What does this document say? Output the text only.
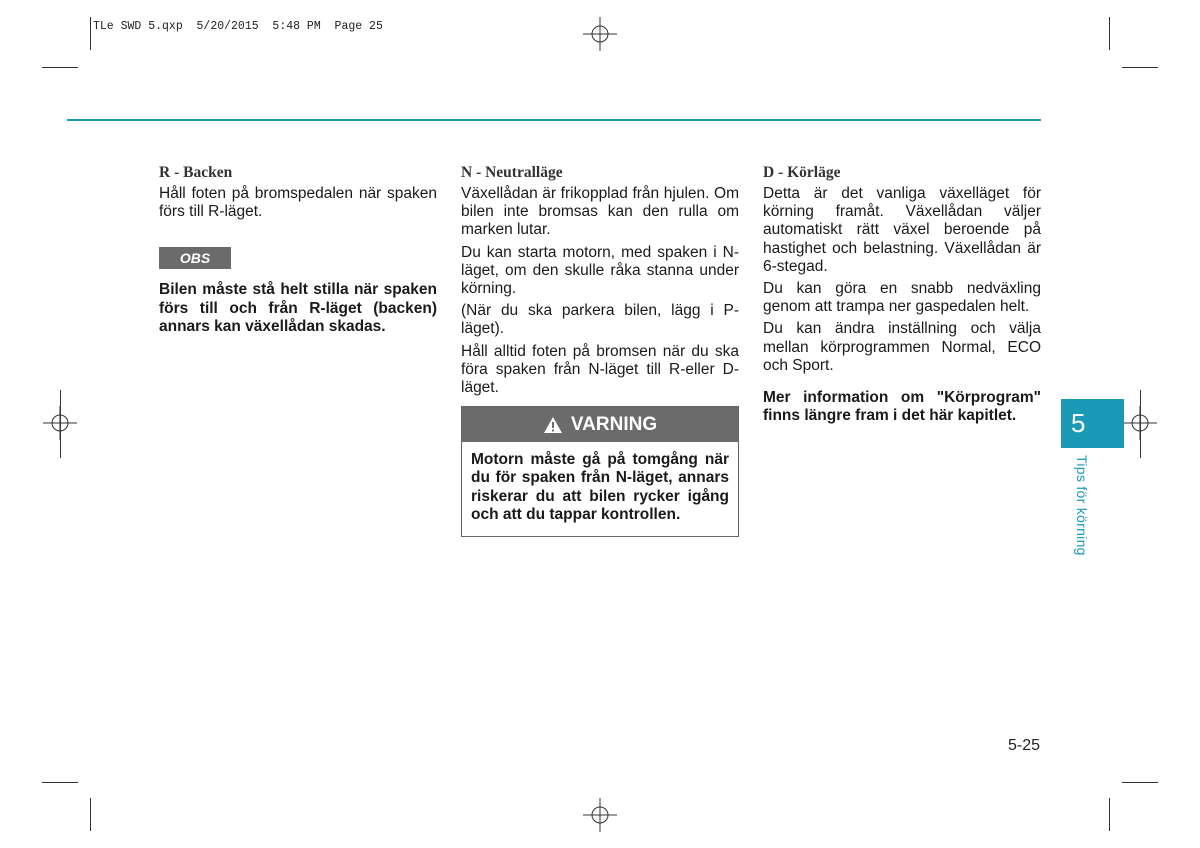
TLe SWD 5.qxp  5/20/2015  5:48 PM  Page 25
R - Backen

Håll foten på bromspedalen när spaken förs till R-läget.

OBS

Bilen måste stå helt stilla när spaken förs till och från R-läget (backen) annars kan växellådan skadas.

N - Neutralläge

Växellådan är frikopplad från hjulen. Om bilen inte bromsas kan den rulla om marken lutar.

Du kan starta motorn, med spaken i N-läget, om den skulle råka stanna under körning.

(När du ska parkera bilen, lägg i P-läget).

Håll alltid foten på bromsen när du ska föra spaken från N-läget till R-eller D-läget.

VARNING

Motorn måste gå på tomgång när du för spaken från N-läget, annars riskerar du att bilen rycker igång och att du tappar kontrollen.

D - Körläge

Detta är det vanliga växelläget för körning framåt. Växellådan väljer automatiskt rätt växel beroende på hastighet och belastning. Växellådan är 6-stegad.

Du kan göra en snabb nedväxling genom att trampa ner gaspedalen helt.

Du kan ändra inställning och välja mellan körprogrammen Normal, ECO och Sport.

Mer information om "Körprogram" finns längre fram i det här kapitlet.	5
Tips för körning
5-25
